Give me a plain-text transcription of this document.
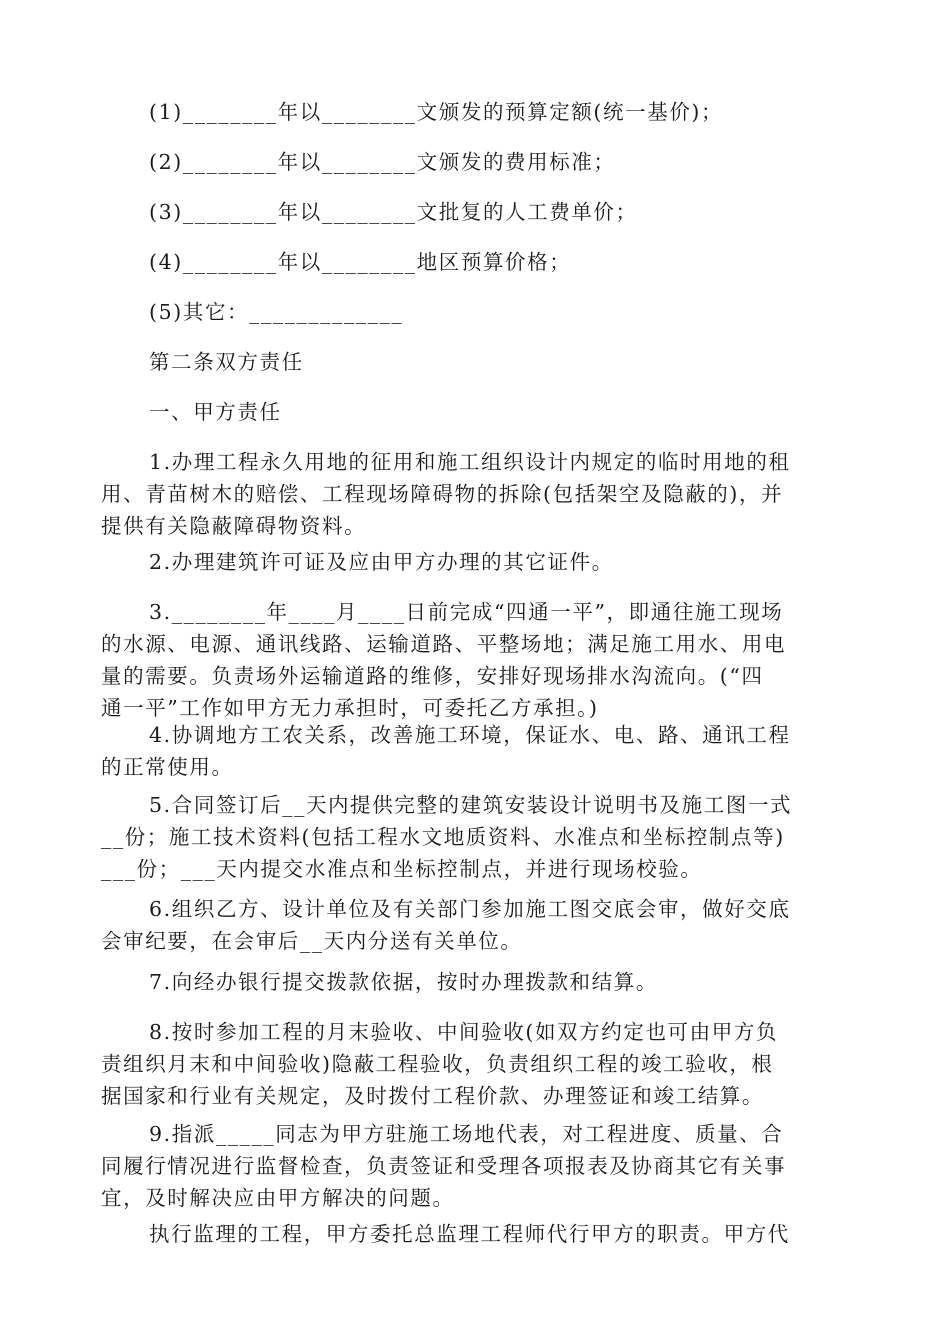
(1)________年以________文颁发的预算定额(统一基价)；
(2)________年以________文颁发的费用标准；
(3)________年以________文批复的人工费单价；
(4)________年以________地区预算价格；
(5)其它：_____________
第二条双方责任
一、甲方责任
1.办理工程永久用地的征用和施工组织设计内规定的临时用地的租
用、青苗树木的赔偿、工程现场障碍物的拆除(包括架空及隐蔽的)，并
提供有关隐蔽障碍物资料。
2.办理建筑许可证及应由甲方办理的其它证件。
3.________年____月____日前完成“四通一平”，即通往施工现场
的水源、电源、通讯线路、运输道路、平整场地；满足施工用水、用电
量的需要。负责场外运输道路的维修，安排好现场排水沟流向。(“四
通一平”工作如甲方无力承担时，可委托乙方承担。)
4.协调地方工农关系，改善施工环境，保证水、电、路、通讯工程
的正常使用。
5.合同签订后__天内提供完整的建筑安装设计说明书及施工图一式
__份；施工技术资料(包括工程水文地质资料、水准点和坐标控制点等)
___份；___天内提交水准点和坐标控制点，并进行现场校验。
6.组织乙方、设计单位及有关部门参加施工图交底会审，做好交底
会审纪要，在会审后__天内分送有关单位。
7.向经办银行提交拨款依据，按时办理拨款和结算。
8.按时参加工程的月末验收、中间验收(如双方约定也可由甲方负
责组织月末和中间验收)隐蔽工程验收，负责组织工程的竣工验收，根
据国家和行业有关规定，及时拨付工程价款、办理签证和竣工结算。
9.指派_____同志为甲方驻施工场地代表，对工程进度、质量、合
同履行情况进行监督检查，负责签证和受理各项报表及协商其它有关事
宜，及时解决应由甲方解决的问题。
执行监理的工程，甲方委托总监理工程师代行甲方的职责。甲方代
